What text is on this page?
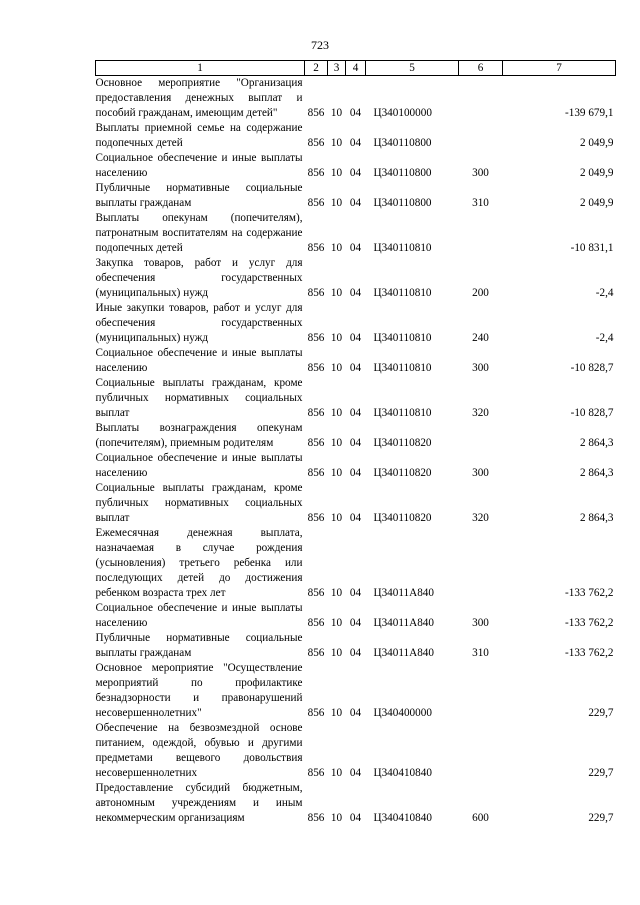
723
1	2	3	4	5	6	7
Основное мероприятие "Организация предоставления денежных выплат и пособий гражданам, имеющим детей"	856	10	04	Ц340100000		-139 679,1
Выплаты приемной семье на содержание подопечных детей	856	10	04	Ц340110800		2 049,9
Социальное обеспечение и иные выплаты населению	856	10	04	Ц340110800	300	2 049,9
Публичные нормативные социальные выплаты гражданам	856	10	04	Ц340110800	310	2 049,9
Выплаты опекунам (попечителям), патронатным воспитателям на содержание подопечных детей	856	10	04	Ц340110810		-10 831,1
Закупка товаров, работ и услуг для обеспечения государственных (муниципальных) нужд	856	10	04	Ц340110810	200	-2,4
Иные закупки товаров, работ и услуг для обеспечения государственных (муниципальных) нужд	856	10	04	Ц340110810	240	-2,4
Социальное обеспечение и иные выплаты населению	856	10	04	Ц340110810	300	-10 828,7
Социальные выплаты гражданам, кроме публичных нормативных социальных выплат	856	10	04	Ц340110810	320	-10 828,7
Выплаты вознаграждения опекунам (попечителям), приемным родителям	856	10	04	Ц340110820		2 864,3
Социальное обеспечение и иные выплаты населению	856	10	04	Ц340110820	300	2 864,3
Социальные выплаты гражданам, кроме публичных нормативных социальных выплат	856	10	04	Ц340110820	320	2 864,3
Ежемесячная денежная выплата, назначаемая в случае рождения (усыновления) третьего ребенка или последующих детей до достижения ребенком возраста трех лет	856	10	04	Ц34011А840		-133 762,2
Социальное обеспечение и иные выплаты населению	856	10	04	Ц34011А840	300	-133 762,2
Публичные нормативные социальные выплаты гражданам	856	10	04	Ц34011А840	310	-133 762,2
Основное мероприятие "Осуществление мероприятий по профилактике безнадзорности и правонарушений несовершеннолетних"	856	10	04	Ц340400000		229,7
Обеспечение на безвозмездной основе питанием, одеждой, обувью и другими предметами вещевого довольствия несовершеннолетних	856	10	04	Ц340410840		229,7
Предоставление субсидий бюджетным, автономным учреждениям и иным некоммерческим организациям	856	10	04	Ц340410840	600	229,7
